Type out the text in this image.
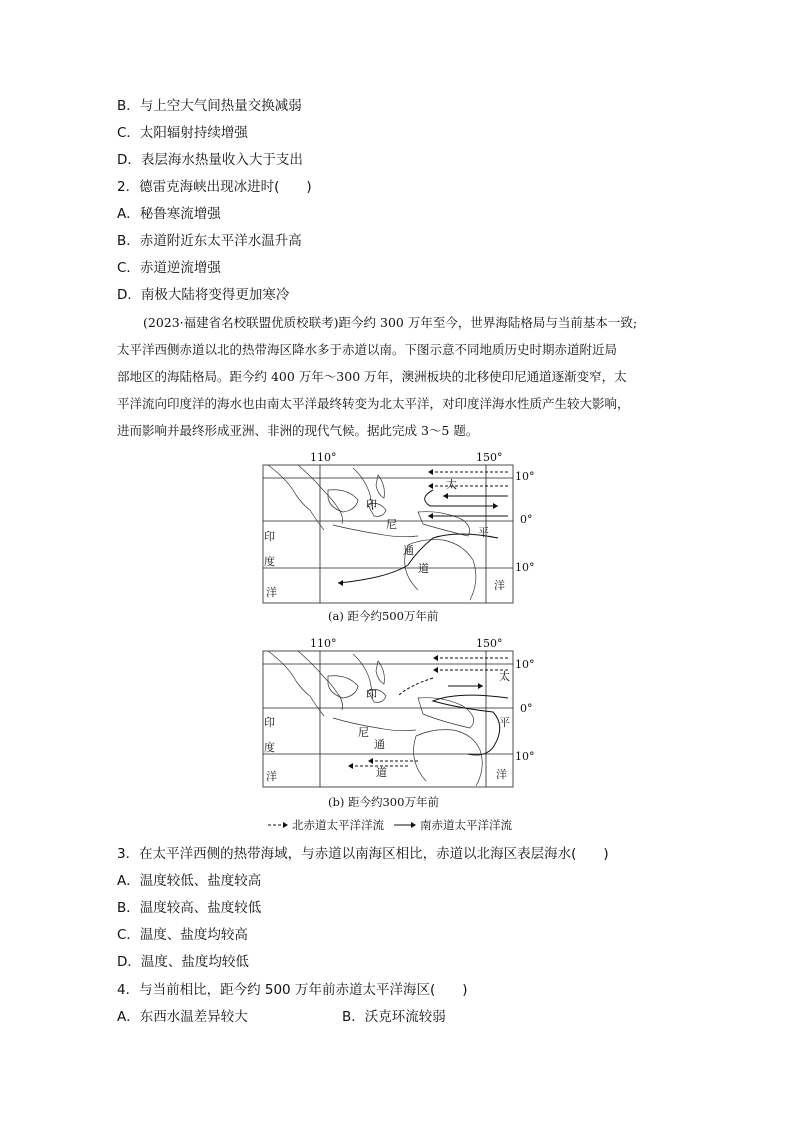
B．与上空大气间热量交换减弱
C．太阳辐射持续增强
D．表层海水热量收入大于支出
2．德雷克海峡出现冰进时(　　)
A．秘鲁寒流增强
B．赤道附近东太平洋水温升高
C．赤道逆流增强
D．南极大陆将变得更加寒冷
(2023·福建省名校联盟优质校联考)距今约 300 万年至今，世界海陆格局与当前基本一致;
太平洋西侧赤道以北的热带海区降水多于赤道以南。下图示意不同地质历史时期赤道附近局
部地区的海陆格局。距今约 400 万年～300 万年，澳洲板块的北移使印尼通道逐渐变窄，太
平洋流向印度洋的海水也由南太平洋最终转变为北太平洋，对印度洋海水性质产生较大影响，
进而影响并最终形成亚洲、非洲的现代气候。据此完成 3～5 题。
110°	150°
10°
0°
10°
太
平
洋
印
尼
通
道
印
度
洋
(a) 距今约500万年前
110°	150°
10°
0°
10°
太
平
洋
印
尼
通
道
印
度
洋
(b) 距今约300万年前
北赤道太平洋洋流	南赤道太平洋洋流
3．在太平洋西侧的热带海域，与赤道以南海区相比，赤道以北海区表层海水(　　)
A．温度较低、盐度较高
B．温度较高、盐度较低
C．温度、盐度均较高
D．温度、盐度均较低
4．与当前相比，距今约 500 万年前赤道太平洋海区(　　)
A．东西水温差异较大	B．沃克环流较弱
